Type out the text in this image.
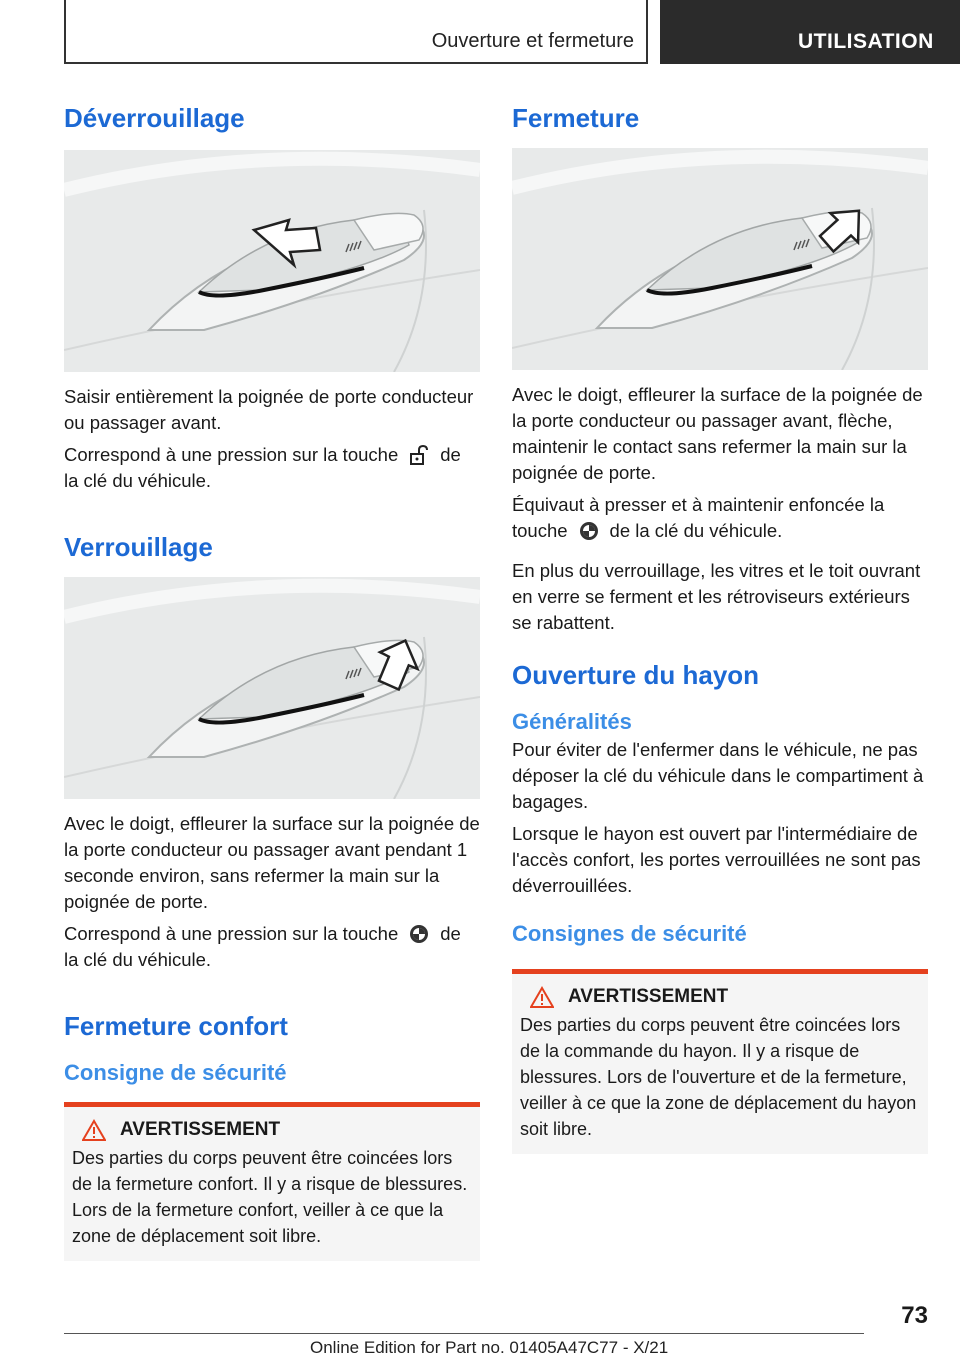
Ouverture et fermeture	UTILISATION
Déverrouillage

Saisir entièrement la poignée de porte conducteur ou passager avant.

Correspond à une pression sur la touche de
la clé du véhicule.

Verrouillage

Avec le doigt, effleurer la surface sur la poignée de la porte conducteur ou passager avant pendant 1 seconde environ, sans refermer la main sur la poignée de porte.

Correspond à une pression sur la touche de
la clé du véhicule.

Fermeture confort
Consigne de sécurité
AVERTISSEMENT

Des parties du corps peuvent être coincées lors de la fermeture confort. Il y a risque de blessures. Lors de la fermeture confort, veiller à ce que la zone de déplacement soit libre.

Fermeture

Avec le doigt, effleurer la surface de la poignée de la porte conducteur ou passager avant, flèche, maintenir le contact sans refermer la main sur la poignée de porte.

Équivaut à presser et à maintenir enfoncée la
touche de la clé du véhicule.

En plus du verrouillage, les vitres et le toit ouvrant en verre se ferment et les rétroviseurs extérieurs se rabattent.

Ouverture du hayon
Généralités

Pour éviter de l'enfermer dans le véhicule, ne pas déposer la clé du véhicule dans le compartiment à bagages.

Lorsque le hayon est ouvert par l'intermédiaire de l'accès confort, les portes verrouillées ne sont pas déverrouillées.

Consignes de sécurité
AVERTISSEMENT

Des parties du corps peuvent être coincées lors de la commande du hayon. Il y a risque de blessures. Lors de l'ouverture et de la fermeture, veiller à ce que la zone de déplacement du hayon soit libre.

73
Online Edition for Part no. 01405A47C77 - X/21
